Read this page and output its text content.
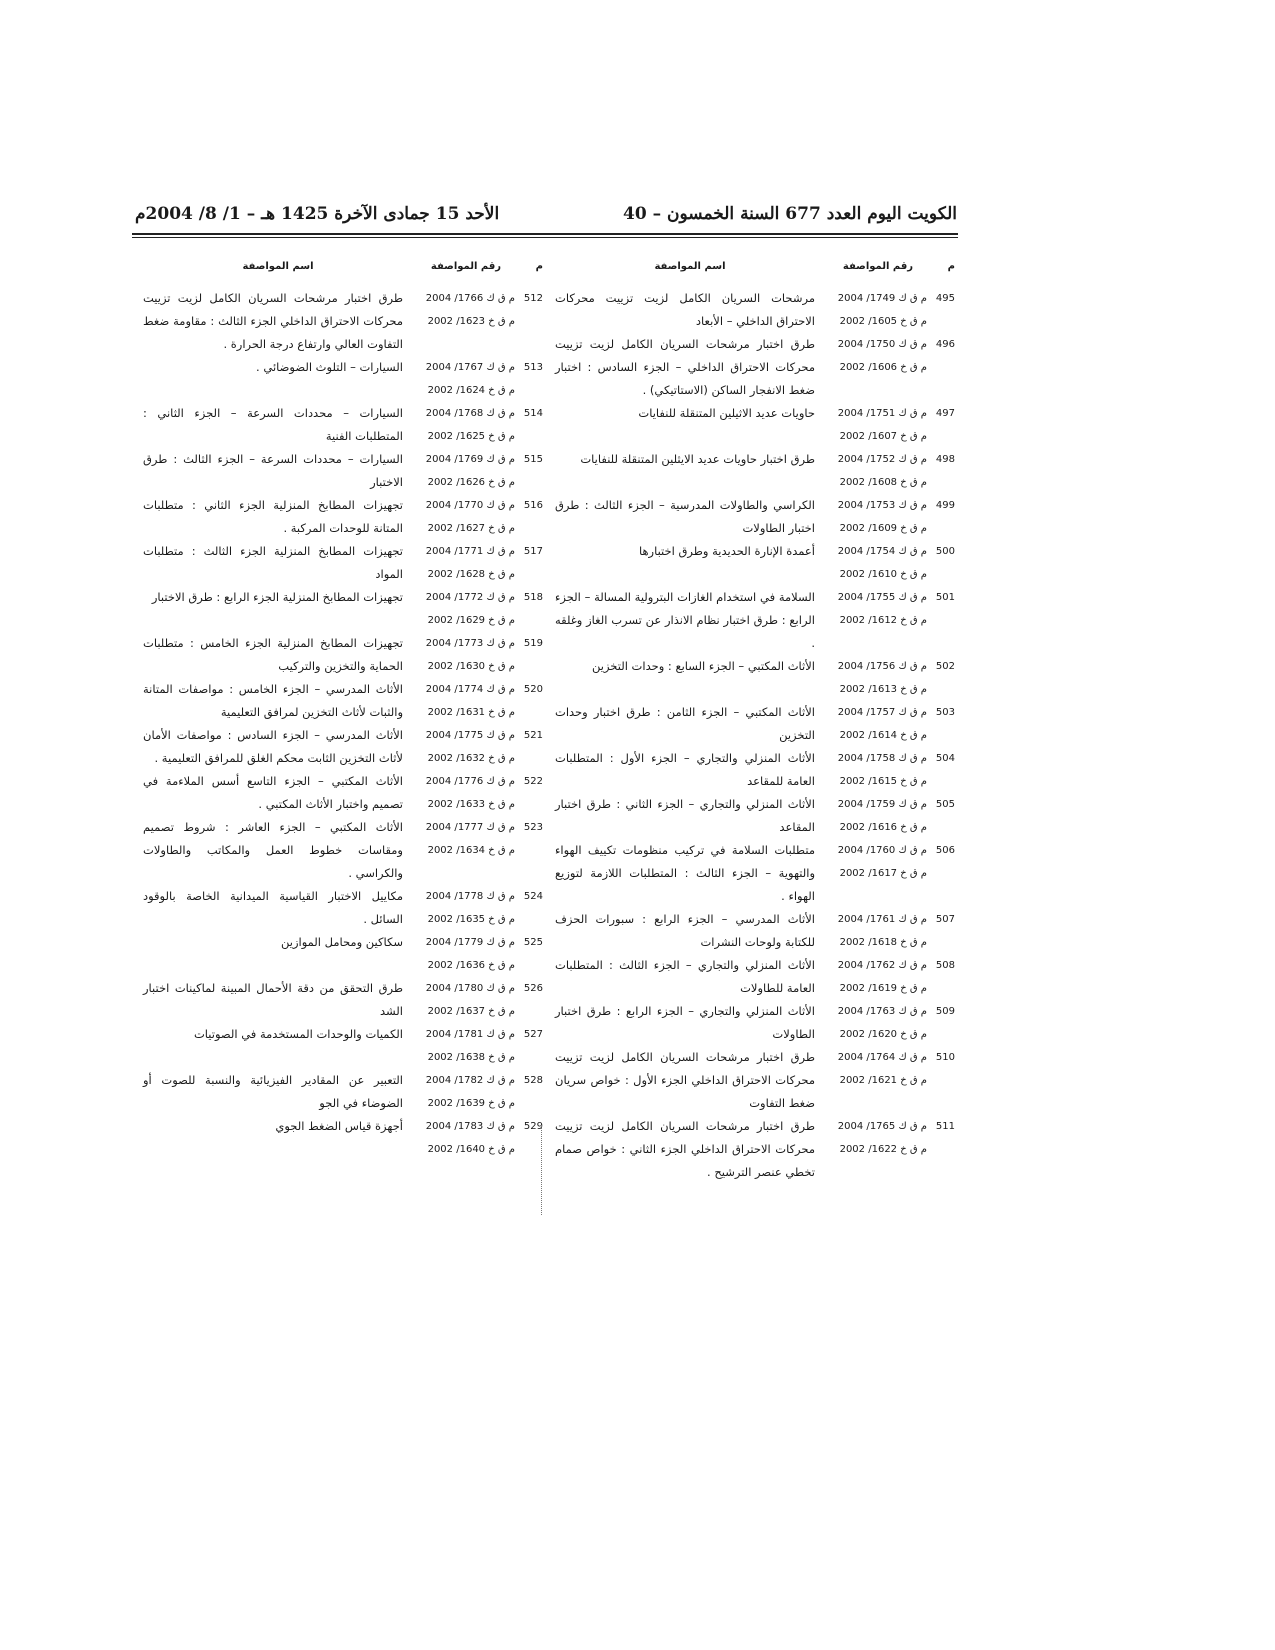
الكويت اليوم العدد 677 السنة الخمسون – 40
الأحد 15 جمادى الآخرة 1425 هـ – 1/ 8/ 2004م
م
رقم المواصفة
اسم المواصفة
495
م ق ك 1749/ 2004
م ق خ 1605/ 2002
مرشحات السريان الكامل لزيت تزييت محركات الاحتراق الداخلي – الأبعاد
496
م ق ك 1750/ 2004
م ق خ 1606/ 2002
طرق اختبار مرشحات السريان الكامل لزيت تزييت محركات الاحتراق الداخلي – الجزء السادس : اختبار ضغط الانفجار الساكن (الاستاتيكي) .
497
م ق ك 1751/ 2004
م ق خ 1607/ 2002
حاويات عديد الاثيلين المتنقلة للنفايات
498
م ق ك 1752/ 2004
م ق خ 1608/ 2002
طرق اختبار حاويات عديد الايثلين المتنقلة للنفايات
499
م ق ك 1753/ 2004
م ق خ 1609/ 2002
الكراسي والطاولات المدرسية – الجزء الثالث : طرق اختبار الطاولات
500
م ق ك 1754/ 2004
م ق خ 1610/ 2002
أعمدة الإنارة الحديدية وطرق اختبارها
501
م ق ك 1755/ 2004
م ق خ 1612/ 2002
السلامة في استخدام الغازات البترولية المسالة – الجزء الرابع : طرق اختبار نظام الانذار عن تسرب الغاز وغلقه .
502
م ق ك 1756/ 2004
م ق خ 1613/ 2002
الأثاث المكتبي – الجزء السابع : وحدات التخزين
503
م ق ك 1757/ 2004
م ق خ 1614/ 2002
الأثاث المكتبي – الجزء الثامن : طرق اختبار وحدات التخزين
504
م ق ك 1758/ 2004
م ق خ 1615/ 2002
الأثاث المنزلي والتجاري – الجزء الأول : المتطلبات العامة للمقاعد
505
م ق ك 1759/ 2004
م ق خ 1616/ 2002
الأثاث المنزلي والتجاري – الجزء الثاني : طرق اختبار المقاعد
506
م ق ك 1760/ 2004
م ق خ 1617/ 2002
متطلبات السلامة في تركيب منظومات تكييف الهواء والتهوية – الجزء الثالث : المتطلبات اللازمة لتوزيع الهواء .
507
م ق ك 1761/ 2004
م ق خ 1618/ 2002
الأثاث المدرسي – الجزء الرابع : سبورات الحزف للكتابة ولوحات النشرات
508
م ق ك 1762/ 2004
م ق خ 1619/ 2002
الأثاث المنزلي والتجاري – الجزء الثالث : المتطلبات العامة للطاولات
509
م ق ك 1763/ 2004
م ق خ 1620/ 2002
الأثاث المنزلي والتجاري – الجزء الرابع : طرق اختبار الطاولات
510
م ق ك 1764/ 2004
م ق خ 1621/ 2002
طرق اختبار مرشحات السريان الكامل لزيت تزييت محركات الاحتراق الداخلي الجزء الأول : خواص سريان ضغط التفاوت
511
م ق ك 1765/ 2004
م ق خ 1622/ 2002
طرق اختبار مرشحات السريان الكامل لزيت تزييت محركات الاحتراق الداخلي الجزء الثاني : خواص صمام تخطي عنصر الترشيح .
م
رقم المواصفة
اسم المواصفة
512
م ق ك 1766/ 2004
م ق خ 1623/ 2002
طرق اختبار مرشحات السريان الكامل لزيت تزييت محركات الاحتراق الداخلي الجزء الثالث : مقاومة ضغط التفاوت العالي وارتفاع درجة الحرارة .
513
م ق ك 1767/ 2004
م ق خ 1624/ 2002
السيارات – التلوث الضوضائي .
514
م ق ك 1768/ 2004
م ق خ 1625/ 2002
السيارات – محددات السرعة – الجزء الثاني : المتطلبات الفنية
515
م ق ك 1769/ 2004
م ق خ 1626/ 2002
السيارات – محددات السرعة – الجزء الثالث : طرق الاختبار
516
م ق ك 1770/ 2004
م ق خ 1627/ 2002
تجهيزات المطابخ المنزلية الجزء الثاني : متطلبات المتانة للوحدات المركبة .
517
م ق ك 1771/ 2004
م ق خ 1628/ 2002
تجهيزات المطابخ المنزلية الجزء الثالث : متطلبات المواد
518
م ق ك 1772/ 2004
م ق خ 1629/ 2002
تجهيزات المطابخ المنزلية الجزء الرابع : طرق الاختبار
519
م ق ك 1773/ 2004
م ق خ 1630/ 2002
تجهيزات المطابخ المنزلية الجزء الخامس : متطلبات الحماية والتخزين والتركيب
520
م ق ك 1774/ 2004
م ق خ 1631/ 2002
الأثاث المدرسي – الجزء الخامس : مواصفات المتانة والثبات لأثاث التخزين لمرافق التعليمية
521
م ق ك 1775/ 2004
م ق خ 1632/ 2002
الأثاث المدرسي – الجزء السادس : مواصفات الأمان لأثاث التخزين الثابت محكم الغلق للمرافق التعليمية .
522
م ق ك 1776/ 2004
م ق خ 1633/ 2002
الأثاث المكتبي – الجزء التاسع أسس الملاءمة في تصميم واختبار الأثاث المكتبي .
523
م ق ك 1777/ 2004
م ق خ 1634/ 2002
الأثاث المكتبي – الجزء العاشر : شروط تصميم ومقاسات خطوط العمل والمكاتب والطاولات والكراسي .
524
م ق ك 1778/ 2004
م ق خ 1635/ 2002
مكاييل الاختبار القياسية الميدانية الخاصة بالوقود السائل .
525
م ق ك 1779/ 2004
م ق خ 1636/ 2002
سكاكين ومحامل الموازين
526
م ق ك 1780/ 2004
م ق خ 1637/ 2002
طرق التحقق من دقة الأحمال المبينة لماكينات اختبار الشد
527
م ق ك 1781/ 2004
م ق خ 1638/ 2002
الكميات والوحدات المستخدمة في الصوتيات
528
م ق ك 1782/ 2004
م ق خ 1639/ 2002
التعبير عن المقادير الفيزيائية والنسبة للصوت أو الضوضاء في الجو
529
م ق ك 1783/ 2004
م ق خ 1640/ 2002
أجهزة قياس الضغط الجوي
